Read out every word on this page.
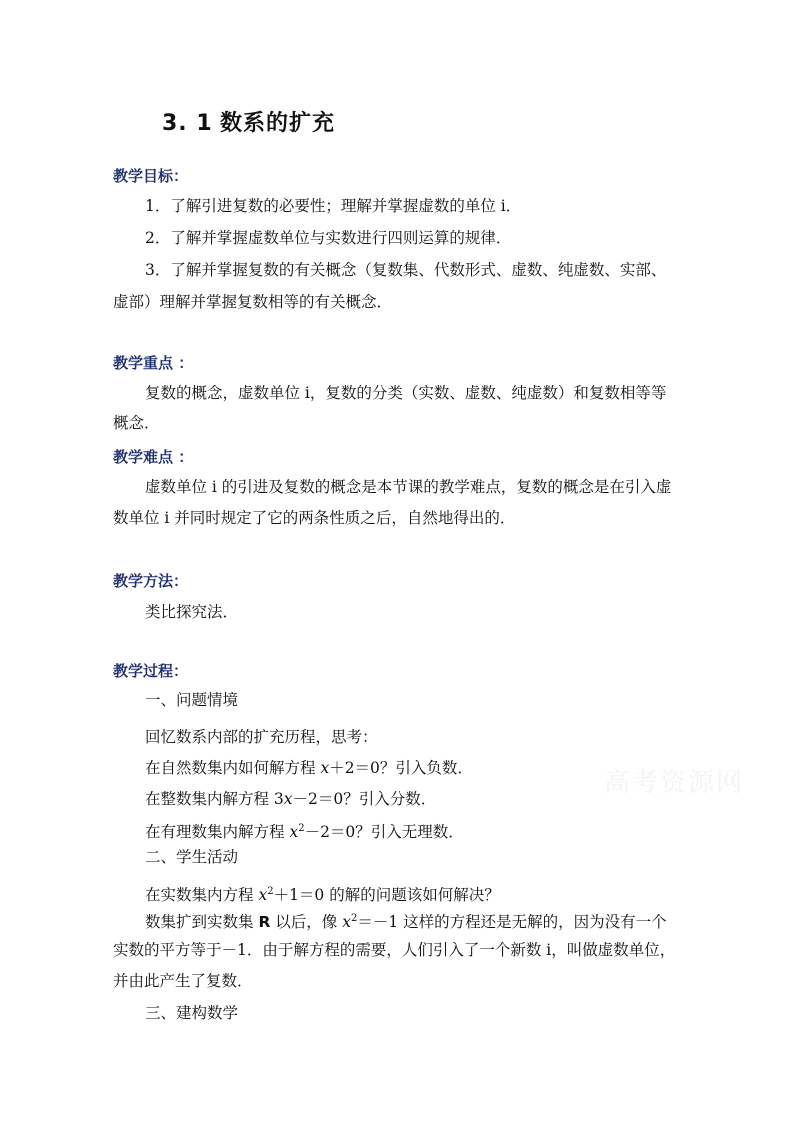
3. 1 数系的扩充
教学目标：
1．了解引进复数的必要性；理解并掌握虚数的单位 i．
2．了解并掌握虚数单位与实数进行四则运算的规律．
3．了解并掌握复数的有关概念（复数集、代数形式、虚数、纯虚数、实部、
虚部）理解并掌握复数相等的有关概念．
教学重点 ：
复数的概念，虚数单位 i，复数的分类（实数、虚数、纯虚数）和复数相等等
概念．
教学难点 ：
虚数单位 i 的引进及复数的概念是本节课的教学难点，复数的概念是在引入虚
数单位 i 并同时规定了它的两条性质之后，自然地得出的．
教学方法：
类比探究法．
教学过程：
一、问题情境
回忆数系内部的扩充历程，思考：
在自然数集内如何解方程 x＋2＝0？引入负数．
在整数集内解方程 3x－2＝0？引入分数．
在有理数集内解方程 $x^2-2=0$？引入无理数．
二、学生活动
在实数集内方程 $x^2+1=0$ 的解的问题该如何解决？
数集扩到实数集 R 以后，像 $x^2=-1$ 这样的方程还是无解的，因为没有一个
实数的平方等于－1．由于解方程的需要，人们引入了一个新数 i，叫做虚数单位，
并由此产生了复数．
三、建构数学
高考资源网
